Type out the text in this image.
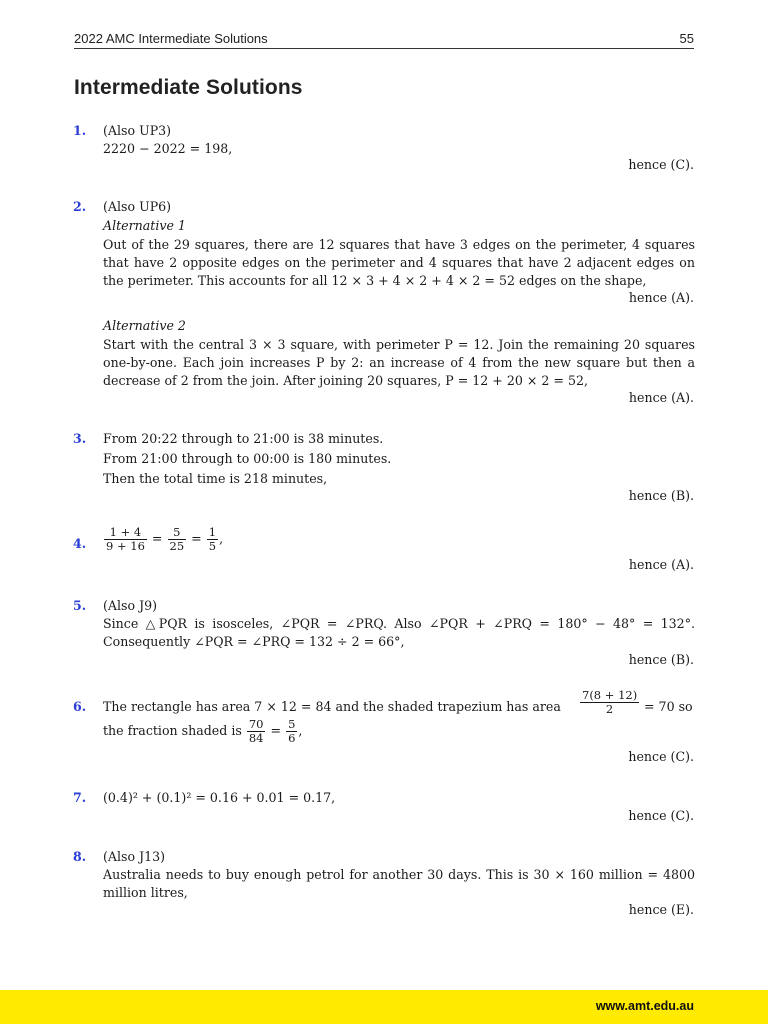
2022 AMC Intermediate Solutions	55
Intermediate Solutions
1. (Also UP3)
2220 − 2022 = 198,
hence (C).
2. (Also UP6)
Alternative 1
Out of the 29 squares, there are 12 squares that have 3 edges on the perimeter, 4 squares
that have 2 opposite edges on the perimeter and 4 squares that have 2 adjacent edges on
the perimeter. This accounts for all 12 × 3 + 4 × 2 + 4 × 2 = 52 edges on the shape,
hence (A).
Alternative 2
Start with the central 3 × 3 square, with perimeter P = 12. Join the remaining 20 squares
one-by-one. Each join increases P by 2: an increase of 4 from the new square but then a
decrease of 2 from the join. After joining 20 squares, P = 12 + 20 × 2 = 52,
hence (A).
3. From 20:22 through to 21:00 is 38 minutes.
From 21:00 through to 00:00 is 180 minutes.
Then the total time is 218 minutes,
hence (B).
4. $\frac{1 + 4}{9 + 16} = \frac{5}{25} = \frac{1}{5}$ ,
hence (A).
5. (Also J9)
Since △PQR is isosceles, ∠PQR = ∠PRQ. Also ∠PQR + ∠PRQ = 180° − 48° = 132°.
Consequently ∠PQR = ∠PRQ = 132 ÷ 2 = 66°,
hence (B).
6. The rectangle has area 7 × 12 = 84 and the shaded trapezium has area	$\frac{7(8 + 12)}{2} = 70$ so
the fraction shaded is $\frac{70}{84} = \frac{5}{6}$ ,
hence (C).
7. (0.4)² + (0.1)² = 0.16 + 0.01 = 0.17,
hence (C).
8. (Also J13)
Australia needs to buy enough petrol for another 30 days. This is 30 × 160 million = 4800
million litres,
hence (E).
www.amt.edu.au
